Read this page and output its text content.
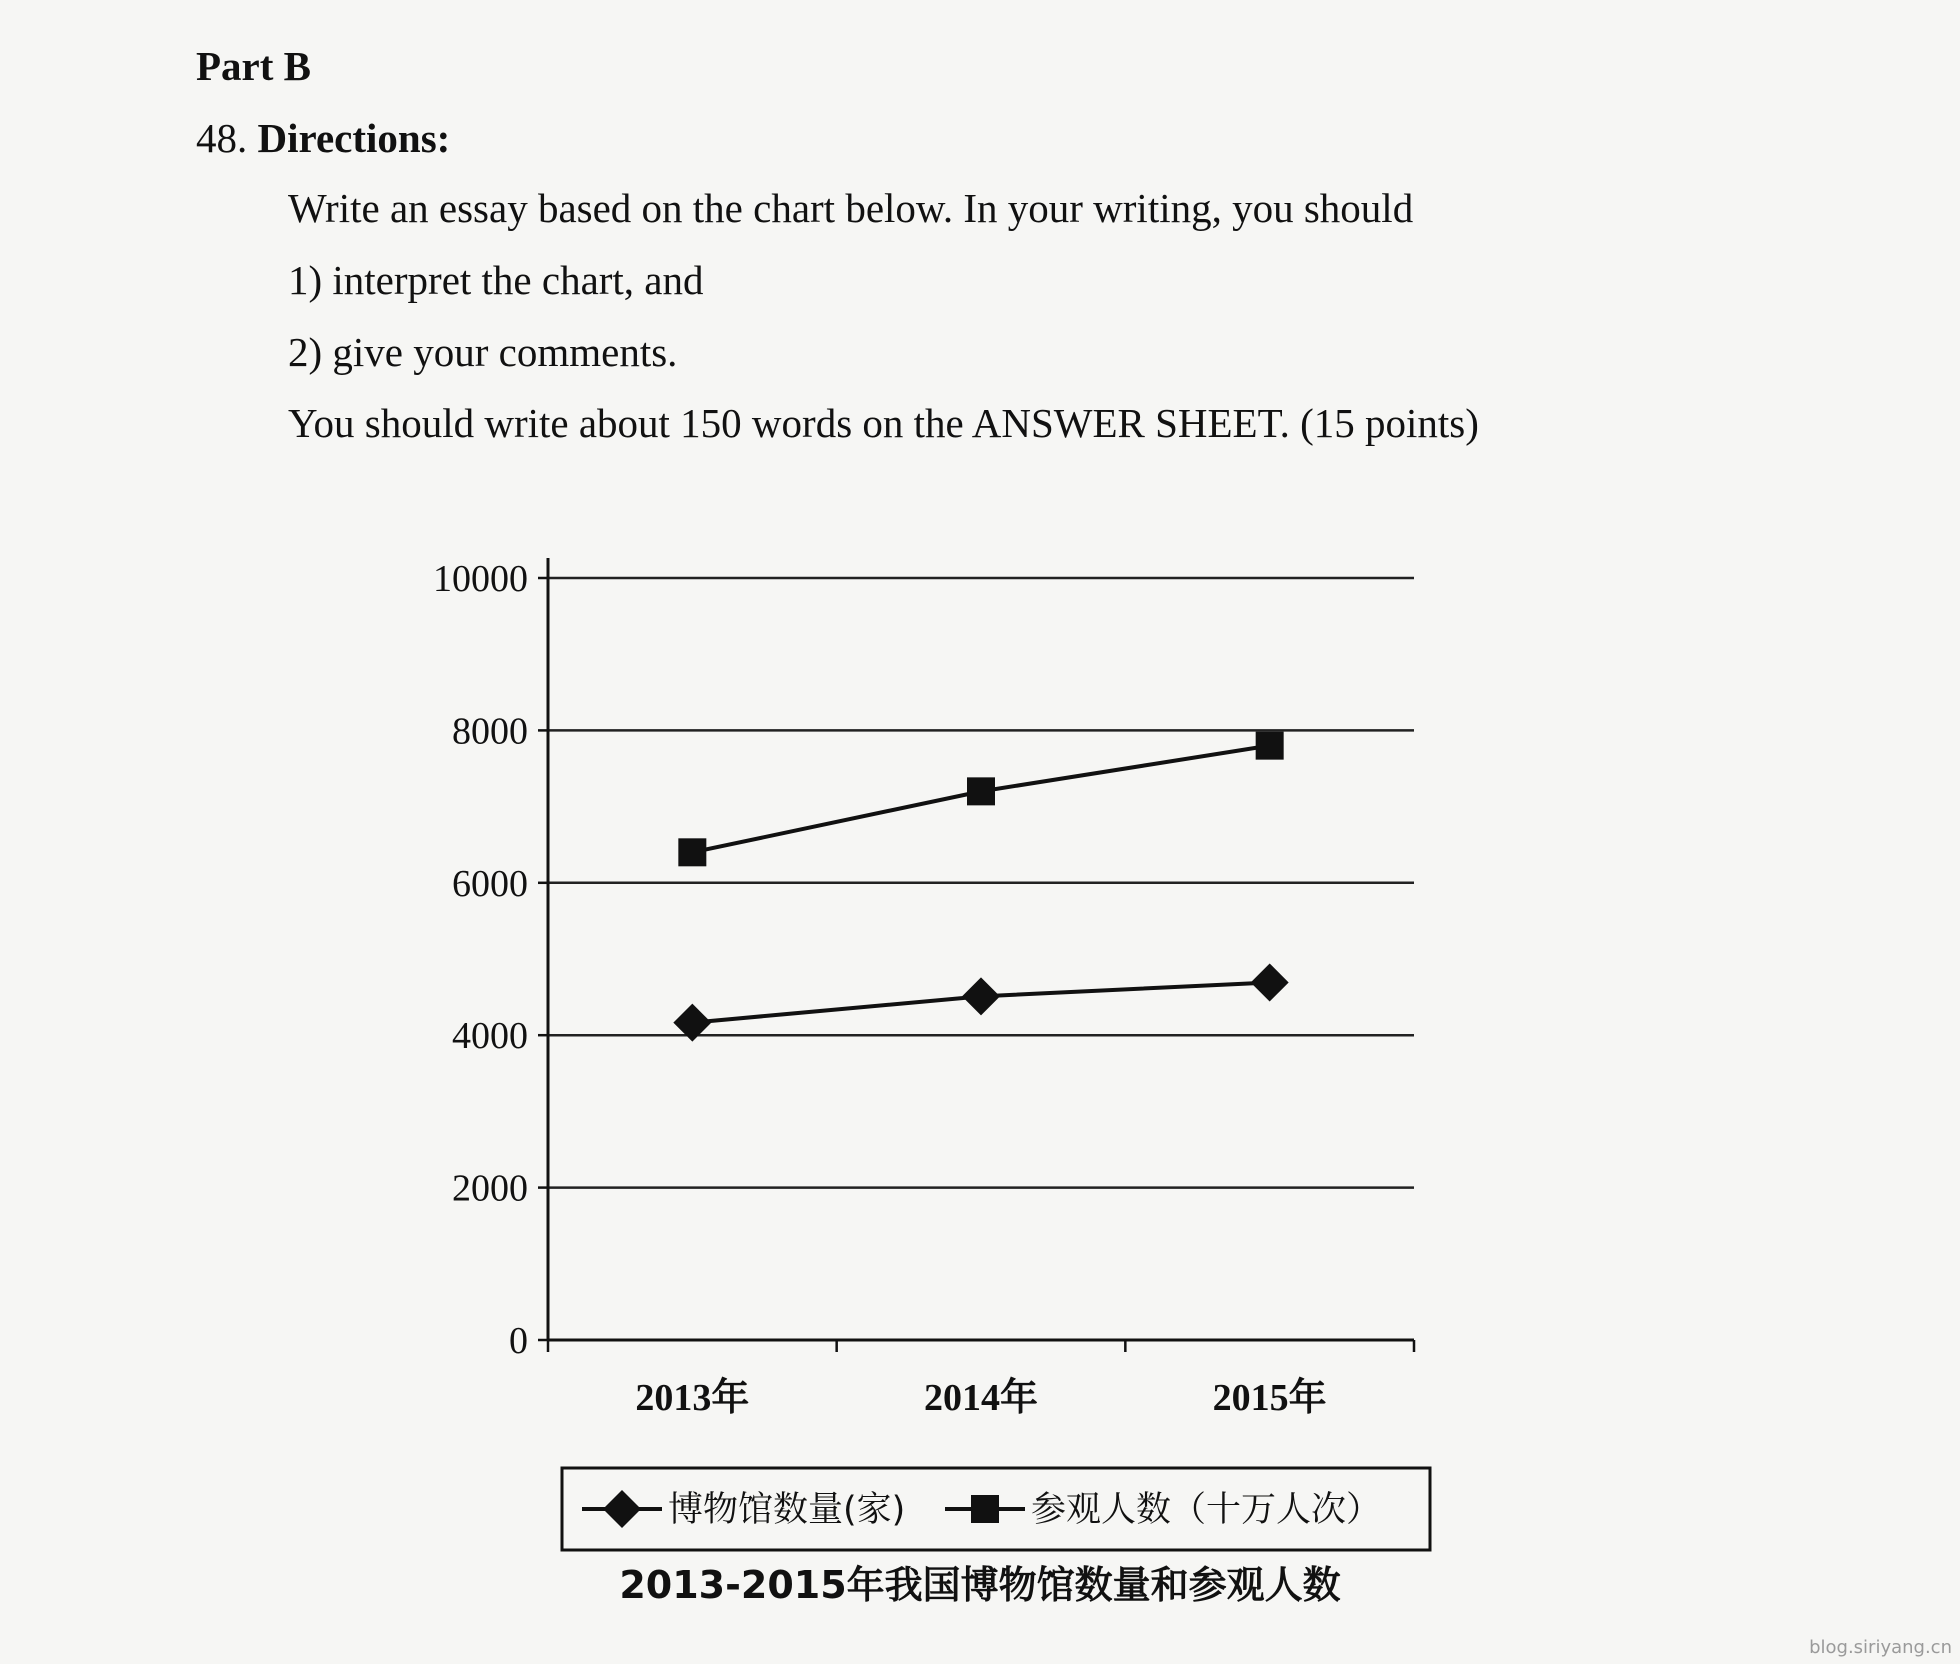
Part B

48. Directions:

Write an essay based on the chart below. In your writing, you should

1) interpret the chart, and

2) give your comments.

You should write about 150 words on the ANSWER SHEET. (15 points)

0
2000
4000
6000
8000
10000
2013年	2014年	2015年
博物馆数量(家)	参观人数（十万人次）
2013-2015年我国博物馆数量和参观人数
blog.siriyang.cn
